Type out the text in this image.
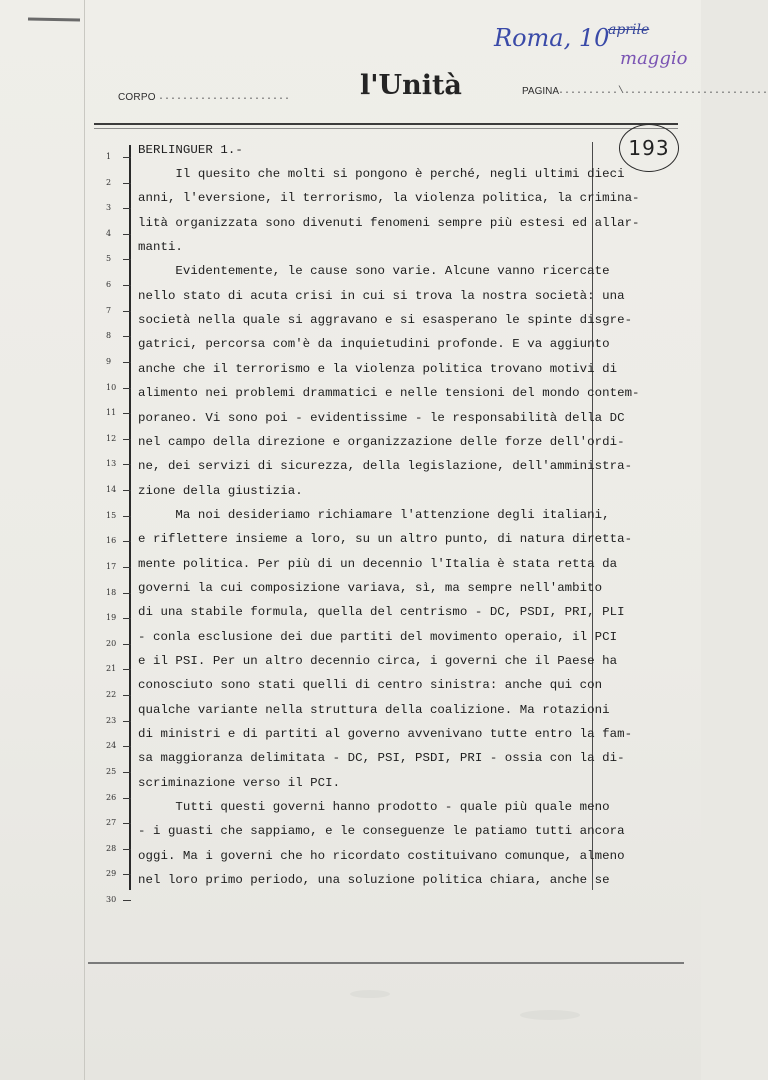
Roma, 10
aprile
maggio
CORPO ......................	l'Unità	PAGINA
..........\........................
193
1
2
3
4
5
6
7
8
9
10
11
12
13
14
15
16
17
18
19
20
21
22
23
24
25
26
27
28
29
30
BERLINGUER 1.-
Il quesito che molti si pongono è perché, negli ultimi dieci
anni, l'eversione, il terrorismo, la violenza politica, la crimina-
lità organizzata sono divenuti fenomeni sempre più estesi ed allar-
manti.
Evidentemente, le cause sono varie. Alcune vanno ricercate
nello stato di acuta crisi in cui si trova la nostra società: una
società nella quale si aggravano e si esasperano le spinte disgre-
gatrici, percorsa com'è da inquietudini profonde. E va aggiunto
anche che il terrorismo e la violenza politica trovano motivi di
alimento nei problemi drammatici e nelle tensioni del mondo contem-
poraneo. Vi sono poi - evidentissime - le responsabilità della DC
nel campo della direzione e organizzazione delle forze dell'ordi-
ne, dei servizi di sicurezza, della legislazione, dell'amministra-
zione della giustizia.
Ma noi desideriamo richiamare l'attenzione degli italiani,
e riflettere insieme a loro, su un altro punto, di natura diretta-
mente politica. Per più di un decennio l'Italia è stata retta da
governi la cui composizione variava, sì, ma sempre nell'ambito
di una stabile formula, quella del centrismo - DC, PSDI, PRI, PLI
- conla esclusione dei due partiti del movimento operaio, il PCI
e il PSI. Per un altro decennio circa, i governi che il Paese ha
conosciuto sono stati quelli di centro sinistra: anche qui con
qualche variante nella struttura della coalizione. Ma rotazioni
di ministri e di partiti al governo avvenivano tutte entro la fam-
sa maggioranza delimitata - DC, PSI, PSDI, PRI - ossia con la di-
scriminazione verso il PCI.
Tutti questi governi hanno prodotto - quale più quale meno
- i guasti che sappiamo, e le conseguenze le patiamo tutti ancora
oggi. Ma i governi che ho ricordato costituivano comunque, almeno
nel loro primo periodo, una soluzione politica chiara, anche se
